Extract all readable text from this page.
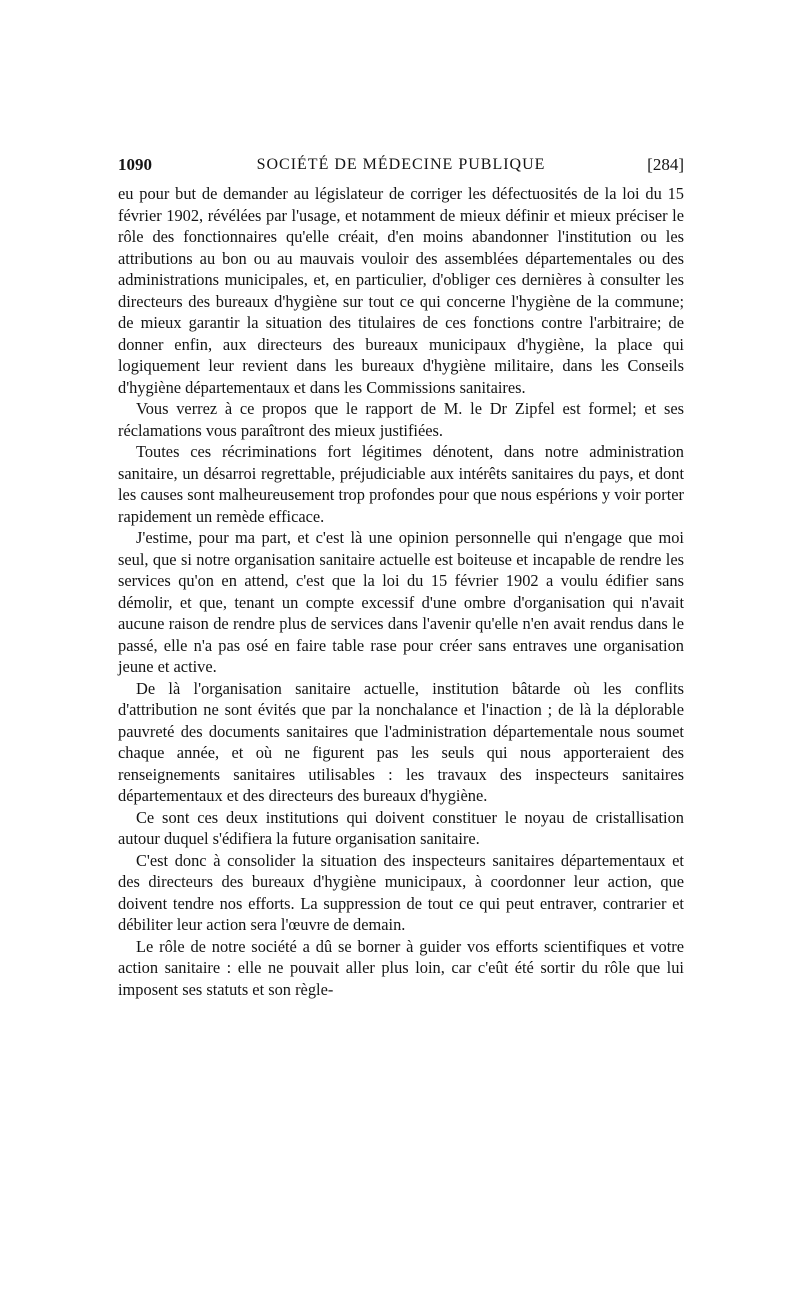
1090	SOCIÉTÉ DE MÉDECINE PUBLIQUE	[284]

eu pour but de demander au législateur de corriger les défectuosités de la loi du 15 février 1902, révélées par l'usage, et notamment de mieux définir et mieux préciser le rôle des fonctionnaires qu'elle créait, d'en moins abandonner l'institution ou les attributions au bon ou au mauvais vouloir des assemblées départementales ou des administrations municipales, et, en particulier, d'obliger ces dernières à consulter les directeurs des bureaux d'hygiène sur tout ce qui concerne l'hygiène de la commune; de mieux garantir la situation des titulaires de ces fonctions contre l'arbitraire; de donner enfin, aux directeurs des bureaux municipaux d'hygiène, la place qui logiquement leur revient dans les bureaux d'hygiène militaire, dans les Conseils d'hygiène départementaux et dans les Commissions sanitaires.

Vous verrez à ce propos que le rapport de M. le Dr Zipfel est formel; et ses réclamations vous paraîtront des mieux justifiées.

Toutes ces récriminations fort légitimes dénotent, dans notre administration sanitaire, un désarroi regrettable, préjudiciable aux intérêts sanitaires du pays, et dont les causes sont malheureusement trop profondes pour que nous espérions y voir porter rapidement un remède efficace.

J'estime, pour ma part, et c'est là une opinion personnelle qui n'engage que moi seul, que si notre organisation sanitaire actuelle est boiteuse et incapable de rendre les services qu'on en attend, c'est que la loi du 15 février 1902 a voulu édifier sans démolir, et que, tenant un compte excessif d'une ombre d'organisation qui n'avait aucune raison de rendre plus de services dans l'avenir qu'elle n'en avait rendus dans le passé, elle n'a pas osé en faire table rase pour créer sans entraves une organisation jeune et active.

De là l'organisation sanitaire actuelle, institution bâtarde où les conflits d'attribution ne sont évités que par la nonchalance et l'inaction ; de là la déplorable pauvreté des documents sanitaires que l'administration départementale nous soumet chaque année, et où ne figurent pas les seuls qui nous apporteraient des renseignements sanitaires utilisables : les travaux des inspecteurs sanitaires départementaux et des directeurs des bureaux d'hygiène.

Ce sont ces deux institutions qui doivent constituer le noyau de cristallisation autour duquel s'édifiera la future organisation sanitaire.

C'est donc à consolider la situation des inspecteurs sanitaires départementaux et des directeurs des bureaux d'hygiène municipaux, à coordonner leur action, que doivent tendre nos efforts. La suppression de tout ce qui peut entraver, contrarier et débiliter leur action sera l'œuvre de demain.

Le rôle de notre société a dû se borner à guider vos efforts scientifiques et votre action sanitaire : elle ne pouvait aller plus loin, car c'eût été sortir du rôle que lui imposent ses statuts et son règle-
